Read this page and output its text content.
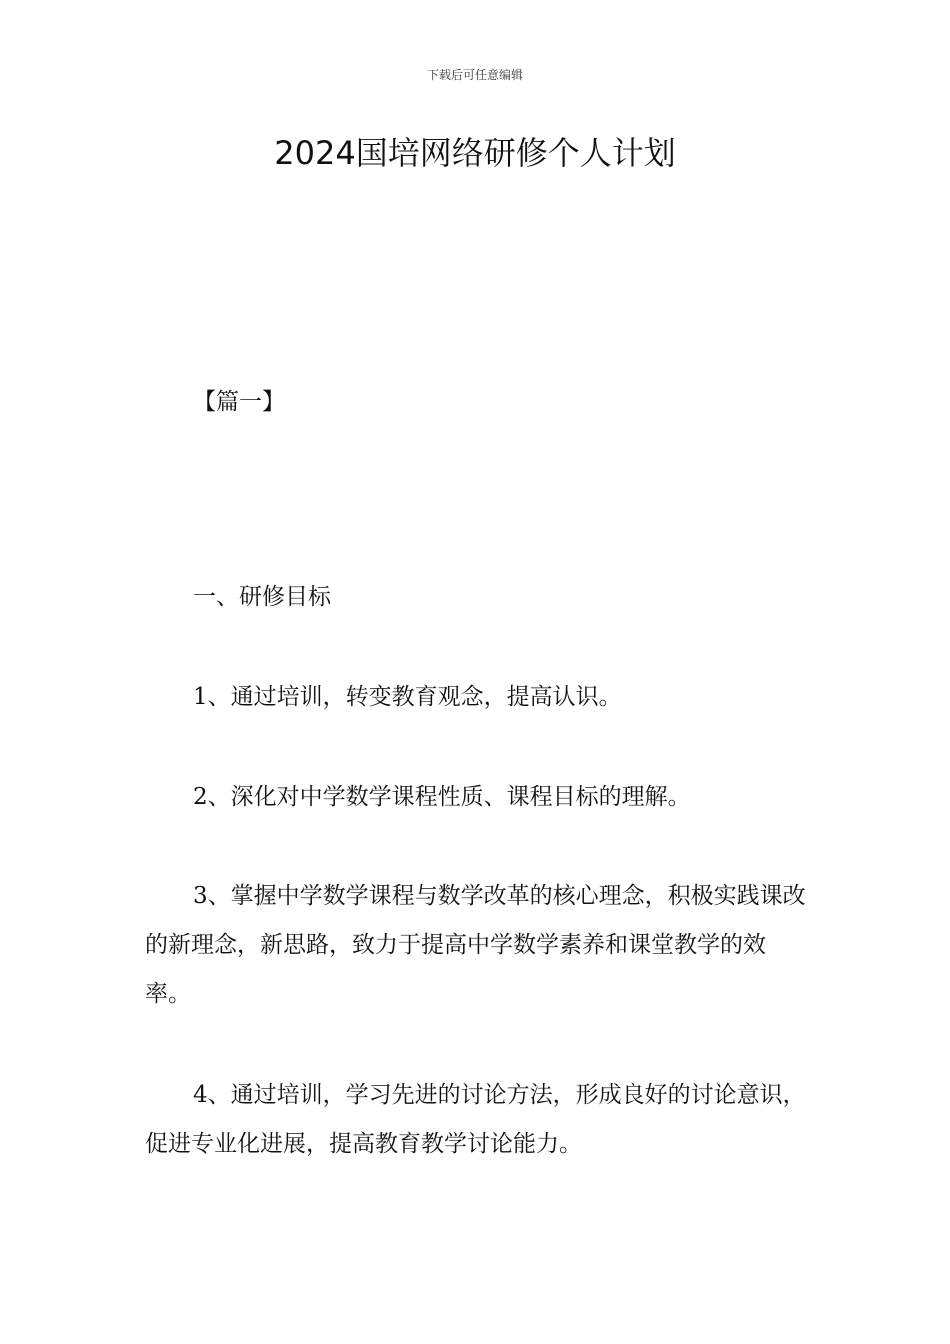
下载后可任意编辑
2024国培网络研修个人计划
【篇一】

一、研修目标

1、通过培训，转变教育观念，提高认识。

2、深化对中学数学课程性质、课程目标的理解。

3、掌握中学数学课程与数学改革的核心理念，积极实践课改的新理念，新思路，致力于提高中学数学素养和课堂教学的效率。

4、通过培训，学习先进的讨论方法，形成良好的讨论意识，促进专业化进展，提高教育教学讨论能力。
